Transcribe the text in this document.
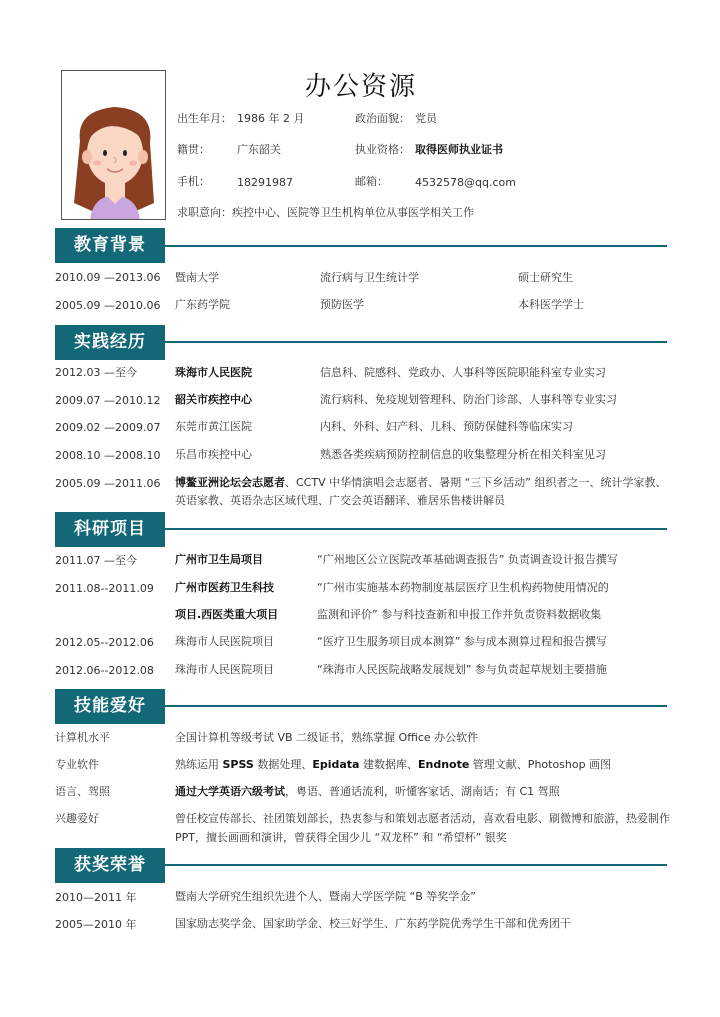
办公资源
出生年月： 1986 年 2 月	政治面貌： 党员
籍贯： 广东韶关	执业资格： 取得医师执业证书
手机： 18291987	邮箱： 4532578@qq.com
求职意向：疾控中心、医院等卫生机构单位从事医学相关工作
教育背景
2010.09 —2013.06 暨南大学	流行病与卫生统计学	硕士研究生
2005.09 —2010.06 广东药学院	预防医学	本科医学学士
实践经历
2012.03 —至今	珠海市人民医院	信息科、院感科、党政办、人事科等医院职能科室专业实习
2009.07 —2010.12 韶关市疾控中心	流行病科、免疫规划管理科、防治门诊部、人事科等专业实习
2009.02 —2009.07 东莞市黄江医院	内科、外科、妇产科、儿科、预防保健科等临床实习
2008.10 —2008.10 乐昌市疾控中心	熟悉各类疾病预防控制信息的收集整理分析在相关科室见习
2005.09 —2011.06 博鳌亚洲论坛会志愿者、CCTV 中华情演唱会志愿者、暑期 “三下乡活动” 组织者之一、统计学家教、
英语家教、英语杂志区域代理、广交会英语翻译、雅居乐售楼讲解员
科研项目
2011.07 —至今	广州市卫生局项目	“广州地区公立医院改革基础调查报告” 负责调查设计报告撰写
2011.08--2011.09 广州市医药卫生科技	“广州市实施基本药物制度基层医疗卫生机构药物使用情况的
项目.西医类重大项目	监测和评价” 参与科技查新和申报工作并负责资料数据收集
2012.05--2012.06 珠海市人民医院项目	“医疗卫生服务项目成本测算” 参与成本测算过程和报告撰写
2012.06--2012.08 珠海市人民医院项目	“珠海市人民医院战略发展规划” 参与负责起草规划主要措施
技能爱好
计算机水平	全国计算机等级考试 VB 二级证书，熟练掌握 Office 办公软件
专业软件	熟练运用 SPSS 数据处理、Epidata 建数据库、Endnote 管理文献、Photoshop 画图
语言、驾照	通过大学英语六级考试，粤语、普通话流利，听懂客家话、湖南话；有 C1 驾照
兴趣爱好	曾任校宣传部长、社团策划部长，热衷参与和策划志愿者活动，喜欢看电影、刷微博和旅游，热爱制作
PPT，擅长画画和演讲，曾获得全国少儿 “双龙杯” 和 “希望杯” 银奖
获奖荣誉
2010—2011 年	暨南大学研究生组织先进个人、暨南大学医学院 “B 等奖学金”
2005—2010 年	国家励志奖学金、国家助学金、校三好学生、广东药学院优秀学生干部和优秀团干
